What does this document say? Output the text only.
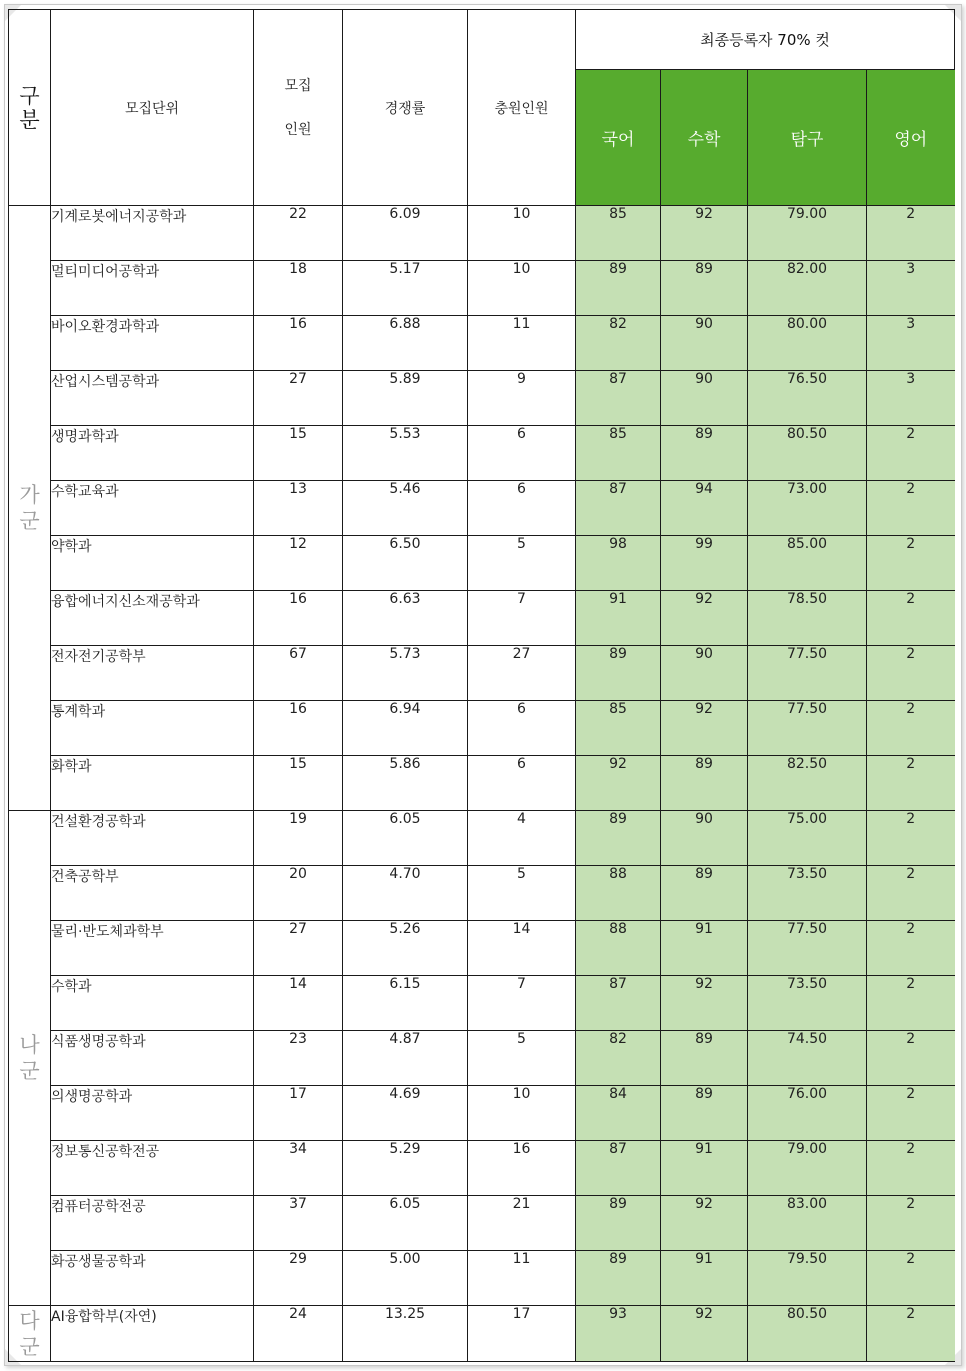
구
분	모집단위	모집
인원	경쟁률	충원인원	최종등록자 70% 컷			
					국어	수학	탐구	영어

가
군	기계로봇에너지공학과	22	6.09	10	85	92	79.00	2
	멀티미디어공학과	18	5.17	10	89	89	82.00	3
	바이오환경과학과	16	6.88	11	82	90	80.00	3
	산업시스템공학과	27	5.89	9	87	90	76.50	3
	생명과학과	15	5.53	6	85	89	80.50	2
	수학교육과	13	5.46	6	87	94	73.00	2
	약학과	12	6.50	5	98	99	85.00	2
	융합에너지신소재공학과	16	6.63	7	91	92	78.50	2
	전자전기공학부	67	5.73	27	89	90	77.50	2
	통계학과	16	6.94	6	85	92	77.50	2
	화학과	15	5.86	6	92	89	82.50	2

나
군	건설환경공학과	19	6.05	4	89	90	75.00	2
	건축공학부	20	4.70	5	88	89	73.50	2
	물리·반도체과학부	27	5.26	14	88	91	77.50	2
	수학과	14	6.15	7	87	92	73.50	2
	식품생명공학과	23	4.87	5	82	89	74.50	2
	의생명공학과	17	4.69	10	84	89	76.00	2
	정보통신공학전공	34	5.29	16	87	91	79.00	2
	컴퓨터공학전공	37	6.05	21	89	92	83.00	2
	화공생물공학과	29	5.00	11	89	91	79.50	2

다
군	AI융합학부(자연)	24	13.25	17	93	92	80.50	2
